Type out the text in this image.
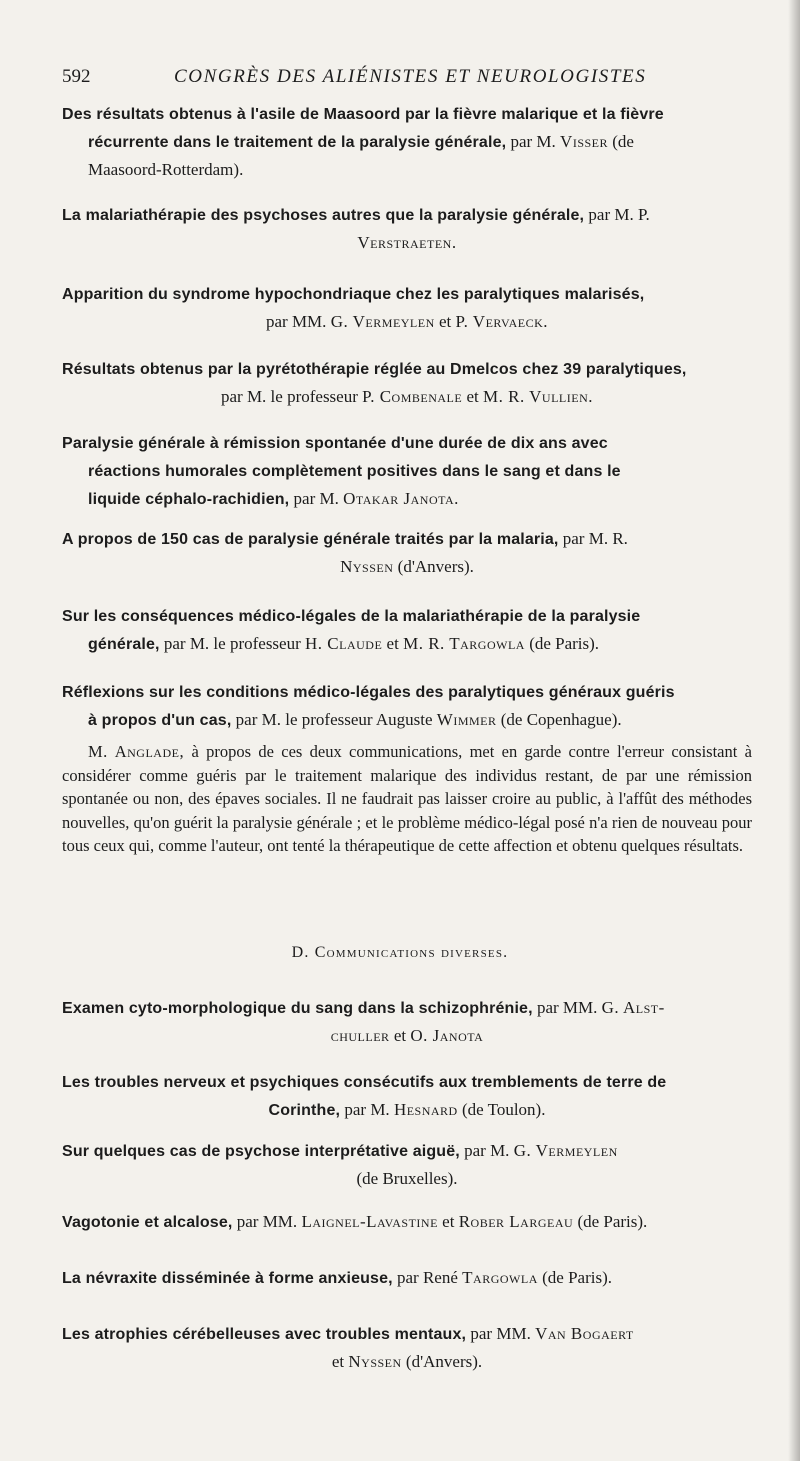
592	CONGRÈS DES ALIÉNISTES ET NEUROLOGISTES
Des résultats obtenus à l'asile de Maasoord par la fièvre malarique et la fièvre
récurrente dans le traitement de la paralysie générale, par M. Visser (de
Maasoord-Rotterdam).
La malariathérapie des psychoses autres que la paralysie générale, par M. P.
Verstraeten.
Apparition du syndrome hypochondriaque chez les paralytiques malarisés,
par MM. G. Vermeylen et P. Vervaeck.
Résultats obtenus par la pyrétothérapie réglée au Dmelcos chez 39 paralytiques,
par M. le professeur P. Combenale et M. R. Vullien.
Paralysie générale à rémission spontanée d'une durée de dix ans avec
réactions humorales complètement positives dans le sang et dans le
liquide céphalo-rachidien, par M. Otakar Janota.
A propos de 150 cas de paralysie générale traités par la malaria, par M. R.
Nyssen (d'Anvers).
Sur les conséquences médico-légales de la malariathérapie de la paralysie
générale, par M. le professeur H. Claude et M. R. Targowla (de Paris).
Réflexions sur les conditions médico-légales des paralytiques généraux guéris
à propos d'un cas, par M. le professeur Auguste Wimmer (de Copenhague).
M. Anglade, à propos de ces deux communications, met en garde contre l'erreur consistant à considérer comme guéris par le traitement malarique des individus restant, de par une rémission spontanée ou non, des épaves sociales. Il ne faudrait pas laisser croire au public, à l'affût des méthodes nouvelles, qu'on guérit la paralysie générale ; et le problème médico-légal posé n'a rien de nouveau pour tous ceux qui, comme l'auteur, ont tenté la thérapeutique de cette affection et obtenu quelques résultats.
D. Communications diverses.
Examen cyto-morphologique du sang dans la schizophrénie, par MM. G. Alst-
chuller et O. Janota
Les troubles nerveux et psychiques consécutifs aux tremblements de terre de
Corinthe, par M. Hesnard (de Toulon).
Sur quelques cas de psychose interprétative aiguë, par M. G. Vermeylen
(de Bruxelles).
Vagotonie et alcalose, par MM. Laignel-Lavastine et Rober Largeau (de Paris).
La névraxite disséminée à forme anxieuse, par René Targowla (de Paris).
Les atrophies cérébelleuses avec troubles mentaux, par MM. Van Bogaert
et Nyssen (d'Anvers).
